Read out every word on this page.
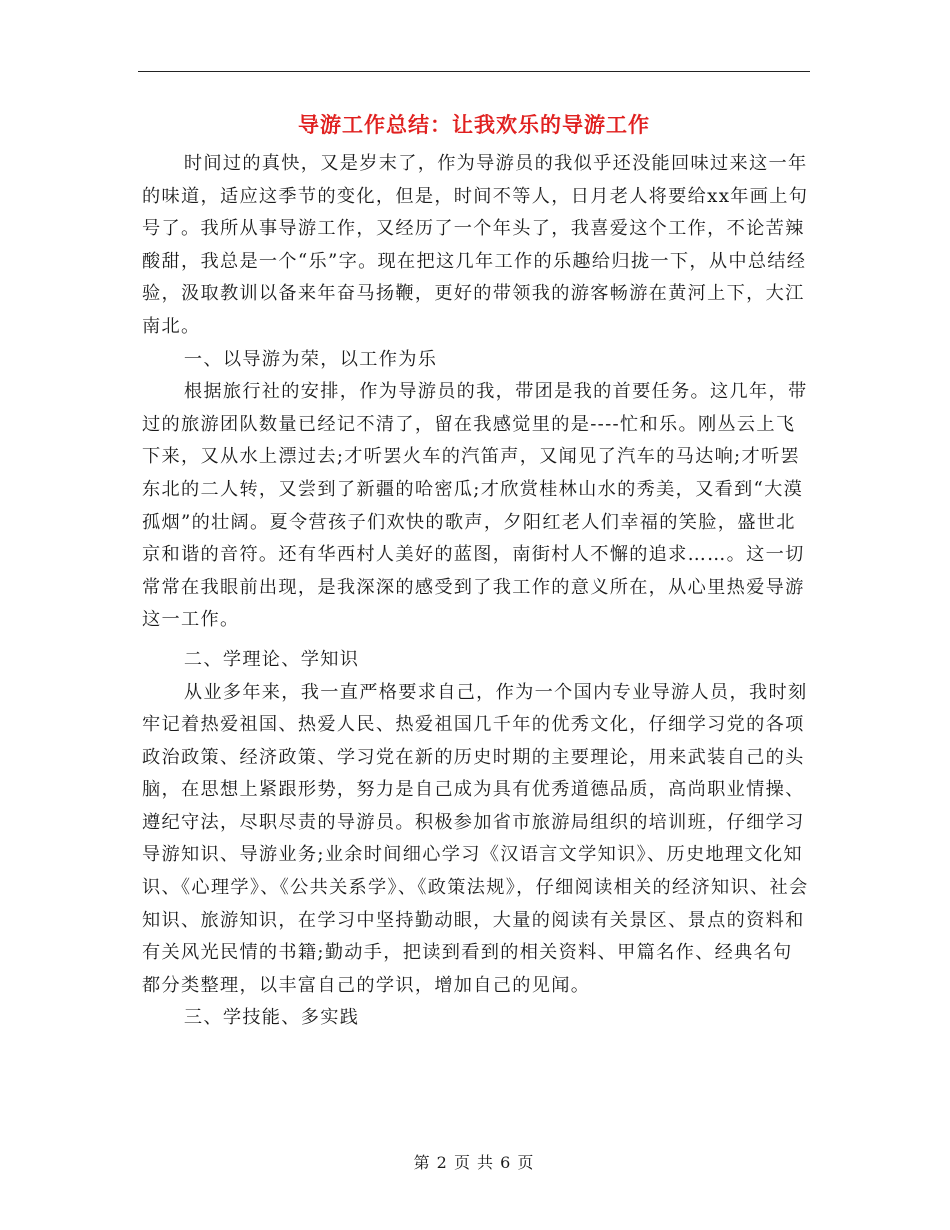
导游工作总结：让我欢乐的导游工作

时间过的真快，又是岁末了，作为导游员的我似乎还没能回味过来这一年的味道，适应这季节的变化，但是，时间不等人，日月老人将要给xx年画上句号了。我所从事导游工作，又经历了一个年头了，我喜爱这个工作，不论苦辣酸甜，我总是一个“乐”字。现在把这几年工作的乐趣给归拢一下，从中总结经验，汲取教训以备来年奋马扬鞭，更好的带领我的游客畅游在黄河上下，大江南北。

一、以导游为荣，以工作为乐

根据旅行社的安排，作为导游员的我，带团是我的首要任务。这几年，带过的旅游团队数量已经记不清了，留在我感觉里的是----忙和乐。刚丛云上飞下来，又从水上漂过去;才听罢火车的汽笛声，又闻见了汽车的马达响;才听罢东北的二人转，又尝到了新疆的哈密瓜;才欣赏桂林山水的秀美，又看到“大漠孤烟”的壮阔。夏令营孩子们欢快的歌声，夕阳红老人们幸福的笑脸，盛世北京和谐的音符。还有华西村人美好的蓝图，南街村人不懈的追求……。这一切常常在我眼前出现，是我深深的感受到了我工作的意义所在，从心里热爱导游这一工作。

二、学理论、学知识

从业多年来，我一直严格要求自己，作为一个国内专业导游人员，我时刻牢记着热爱祖国、热爱人民、热爱祖国几千年的优秀文化，仔细学习党的各项政治政策、经济政策、学习党在新的历史时期的主要理论，用来武装自己的头脑，在思想上紧跟形势，努力是自己成为具有优秀道德品质，高尚职业情操、遵纪守法，尽职尽责的导游员。积极参加省市旅游局组织的培训班，仔细学习导游知识、导游业务;业余时间细心学习《汉语言文学知识》、历史地理文化知识、《心理学》、《公共关系学》、《政策法规》，仔细阅读相关的经济知识、社会知识、旅游知识，在学习中坚持勤动眼，大量的阅读有关景区、景点的资料和有关风光民情的书籍;勤动手，把读到看到的相关资料、甲篇名作、经典名句都分类整理，以丰富自己的学识，增加自己的见闻。

三、学技能、多实践

第 2 页 共 6 页
